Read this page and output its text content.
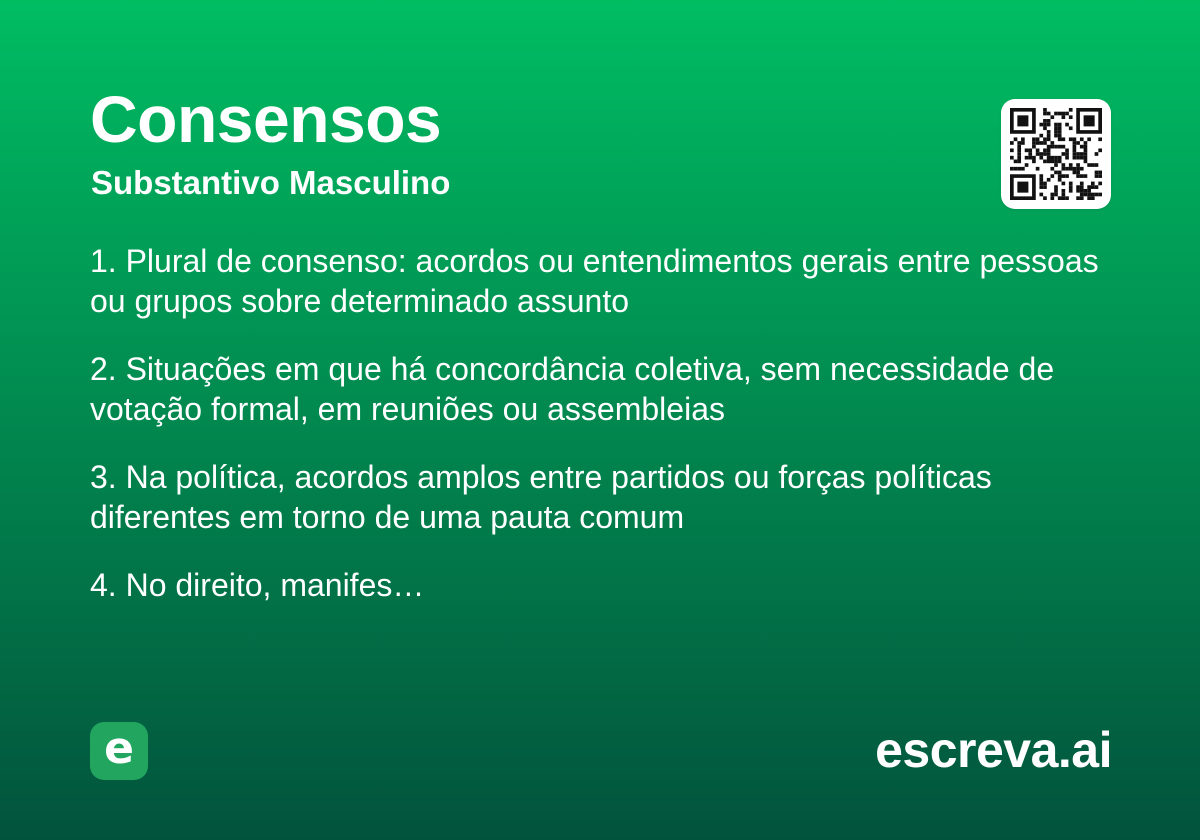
Consensos
Substantivo Masculino

1. Plural de consenso: acordos ou entendimentos gerais entre pessoas ou grupos sobre determinado assunto

2. Situações em que há concordância coletiva, sem necessidade de votação formal, em reuniões ou assembleias

3. Na política, acordos amplos entre partidos ou forças políticas diferentes em torno de uma pauta comum

4. No direito, manifes…

e	escreva.ai
